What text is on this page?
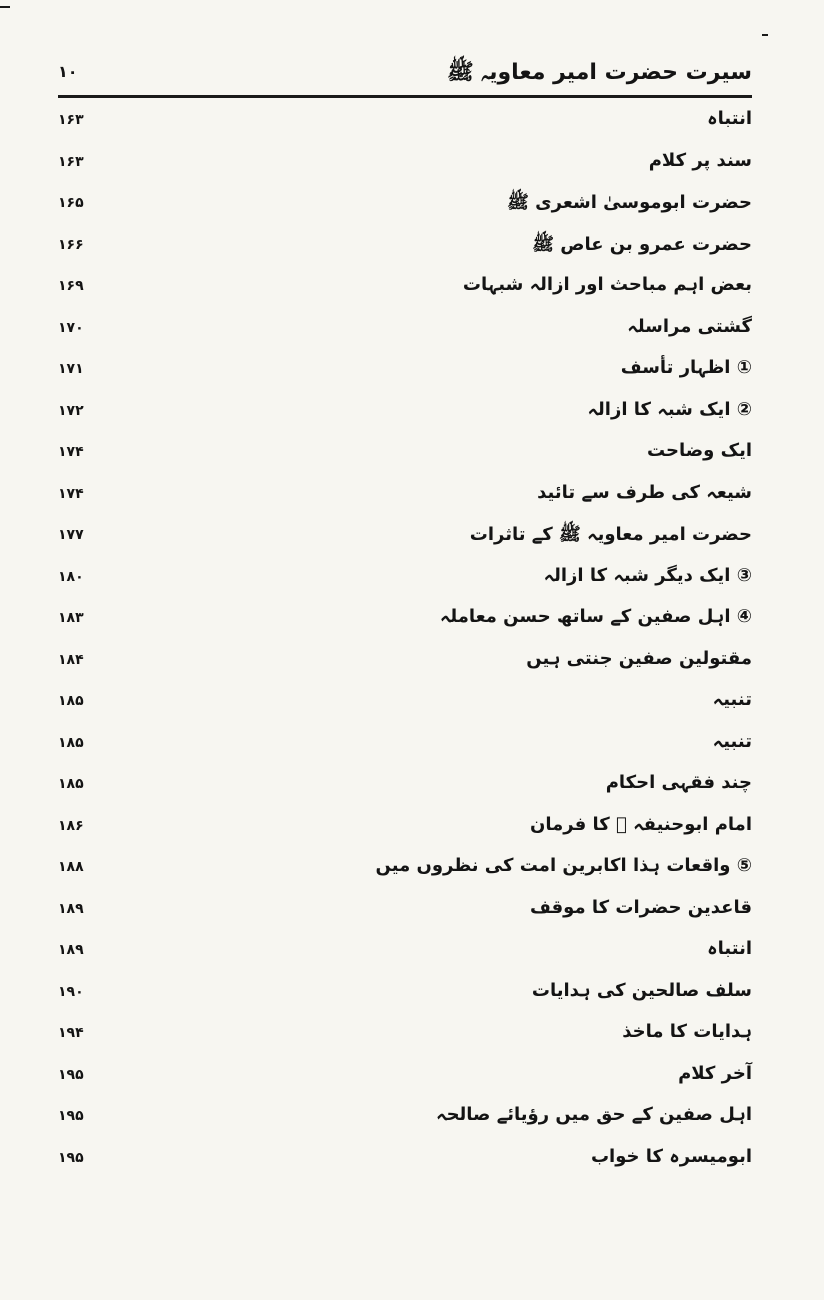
۱۰	سیرت حضرت امیر معاویہ ﷺ
۱۶۳	انتباہ
۱۶۳	سند پر کلام
۱۶۵	حضرت ابوموسیٰ اشعری ﷺ
۱۶۶	حضرت عمرو بن عاص ﷺ
۱۶۹	بعض اہم مباحث اور ازالہ شبہات
۱۷۰	گشتی مراسلہ
۱۷۱	① اظہار تأسف
۱۷۲	② ایک شبہ کا ازالہ
۱۷۴	ایک وضاحت
۱۷۴	شیعہ کی طرف سے تائید
۱۷۷	حضرت امیر معاویہ ﷺ کے تاثرات
۱۸۰	③ ایک دیگر شبہ کا ازالہ
۱۸۳	④ اہل صفین کے ساتھ حسن معاملہ
۱۸۴	مقتولین صفین جنتی ہیں
۱۸۵	تنبیہ
۱۸۵	تنبیہ
۱۸۵	چند فقہی احکام
۱۸۶	امام ابوحنیفہ ﷫ کا فرمان
۱۸۸	⑤ واقعات ہذا اکابرین امت کی نظروں میں
۱۸۹	قاعدین حضرات کا موقف
۱۸۹	انتباہ
۱۹۰	سلف صالحین کی ہدایات
۱۹۴	ہدایات کا ماخذ
۱۹۵	آخر کلام
۱۹۵	اہل صفین کے حق میں رؤیائے صالحہ
۱۹۵	ابومیسرہ کا خواب
